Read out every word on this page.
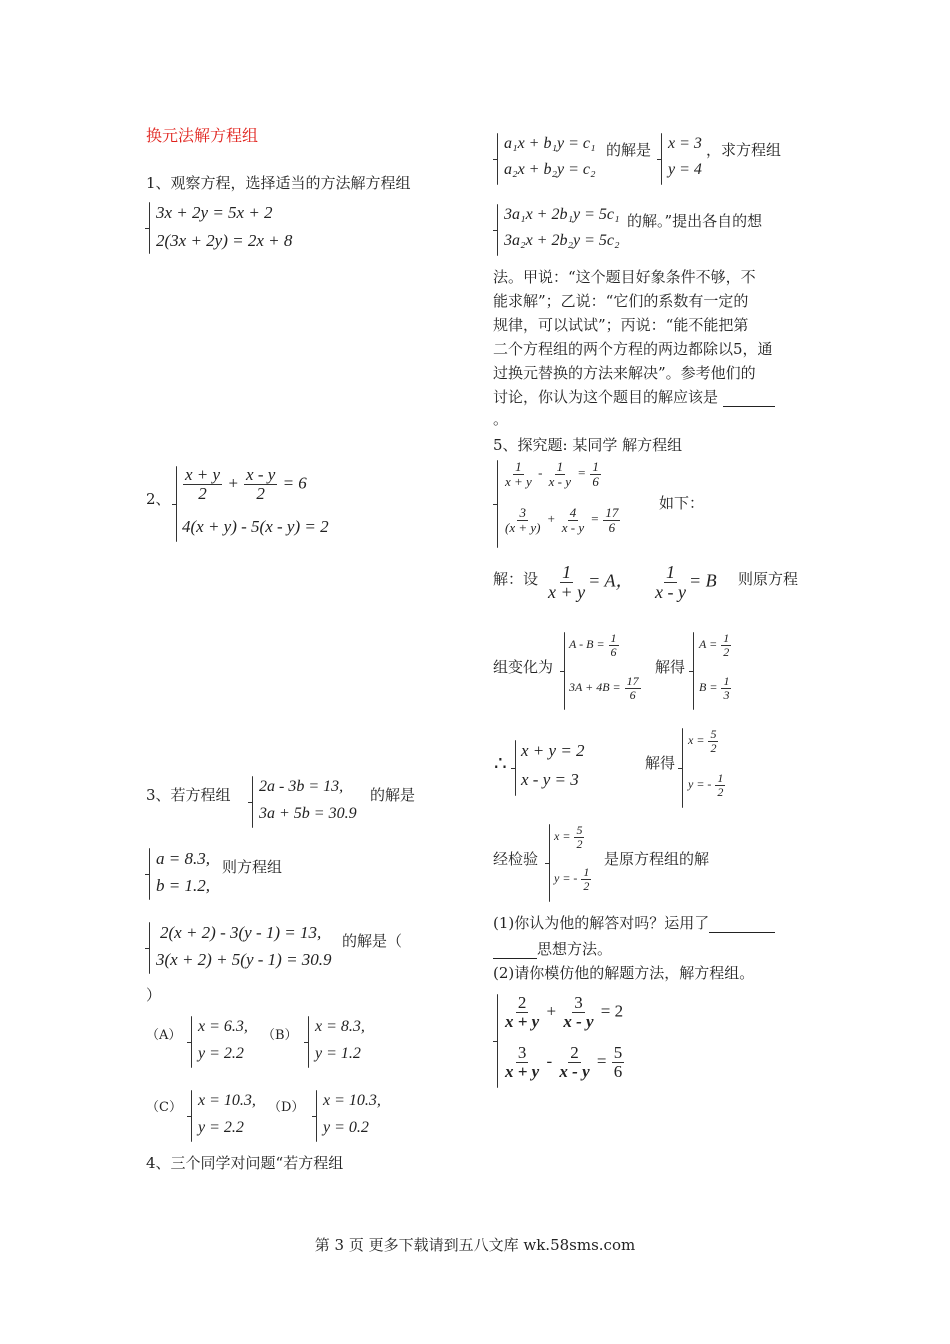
换元法解方程组
1、观察方程，选择适当的方法解方程组
3x + 2y = 5x + 2
2(3x + 2y) = 2x + 8
2、 $\frac{x + y}{2} + \frac{x - y}{2} = 6$
4(x + y) - 5(x - y) = 2
3、若方程组 2a - 3b = 13,
3a + 5b = 30.9
的解是
a = 8.3,
b = 1.2,
则方程组
2(x + 2) - 3(y - 1) = 13,
3(x + 2) + 5(y - 1) = 30.9
的解是（
）
（A）
x = 6.3,
y = 2.2
（B）
x = 8.3,
y = 1.2
（C） x = 10.3,
y = 2.2
（D） x = 10.3,
y = 0.2
4、三个同学对问题“若方程组
a₁x + b₁y = c₁
a₂x + b₂y = c₂
的解是 x = 3
y = 4
，求方程组
3a₁x + 2b₁y = 5c₁
3a₂x + 2b₂y = 5c₂
的解。”提出各自的想
法。甲说：“这个题目好象条件不够，不
能求解”；乙说：“它们的系数有一定的
规律，可以试试”；丙说：“能不能把第
二个方程组的两个方程的两边都除以5，通
过换元替换的方法来解决”。参考他们的
讨论，你认为这个题目的解应该是
。
5、探究题: 某同学 解方程组
$\frac{1}{x + y} - \frac{1}{x - y} = \frac{1}{6}$
$\frac{3}{(x + y)} + \frac{4}{x - y} = \frac{17}{6}$
如下：
解：设 $\frac{1}{x + y} = A$， $\frac{1}{x - y} = B$ 则原方程
组变化为
$A - B = \frac{1}{6}$
$3A + 4B = \frac{17}{6}$
解得
$A = \frac{1}{2}$
$B = \frac{1}{3}$
∴
x + y = 2
x - y = 3
解得
$x = \frac{5}{2}$
y = - $\frac{1}{2}$
经检验
$x = \frac{5}{2}$
y = - $\frac{1}{2}$
是原方程组的解
(1)你认为他的解答对吗？运用了
思想方法。
(2)请你模仿他的解题方法，解方程组。
$\frac{2}{x + y} + \frac{3}{x - y} = 2$
$\frac{3}{x + y} - \frac{2}{x - y} = \frac{5}{6}$
第 3 页 更多下载请到五八文库 wk.58sms.com
